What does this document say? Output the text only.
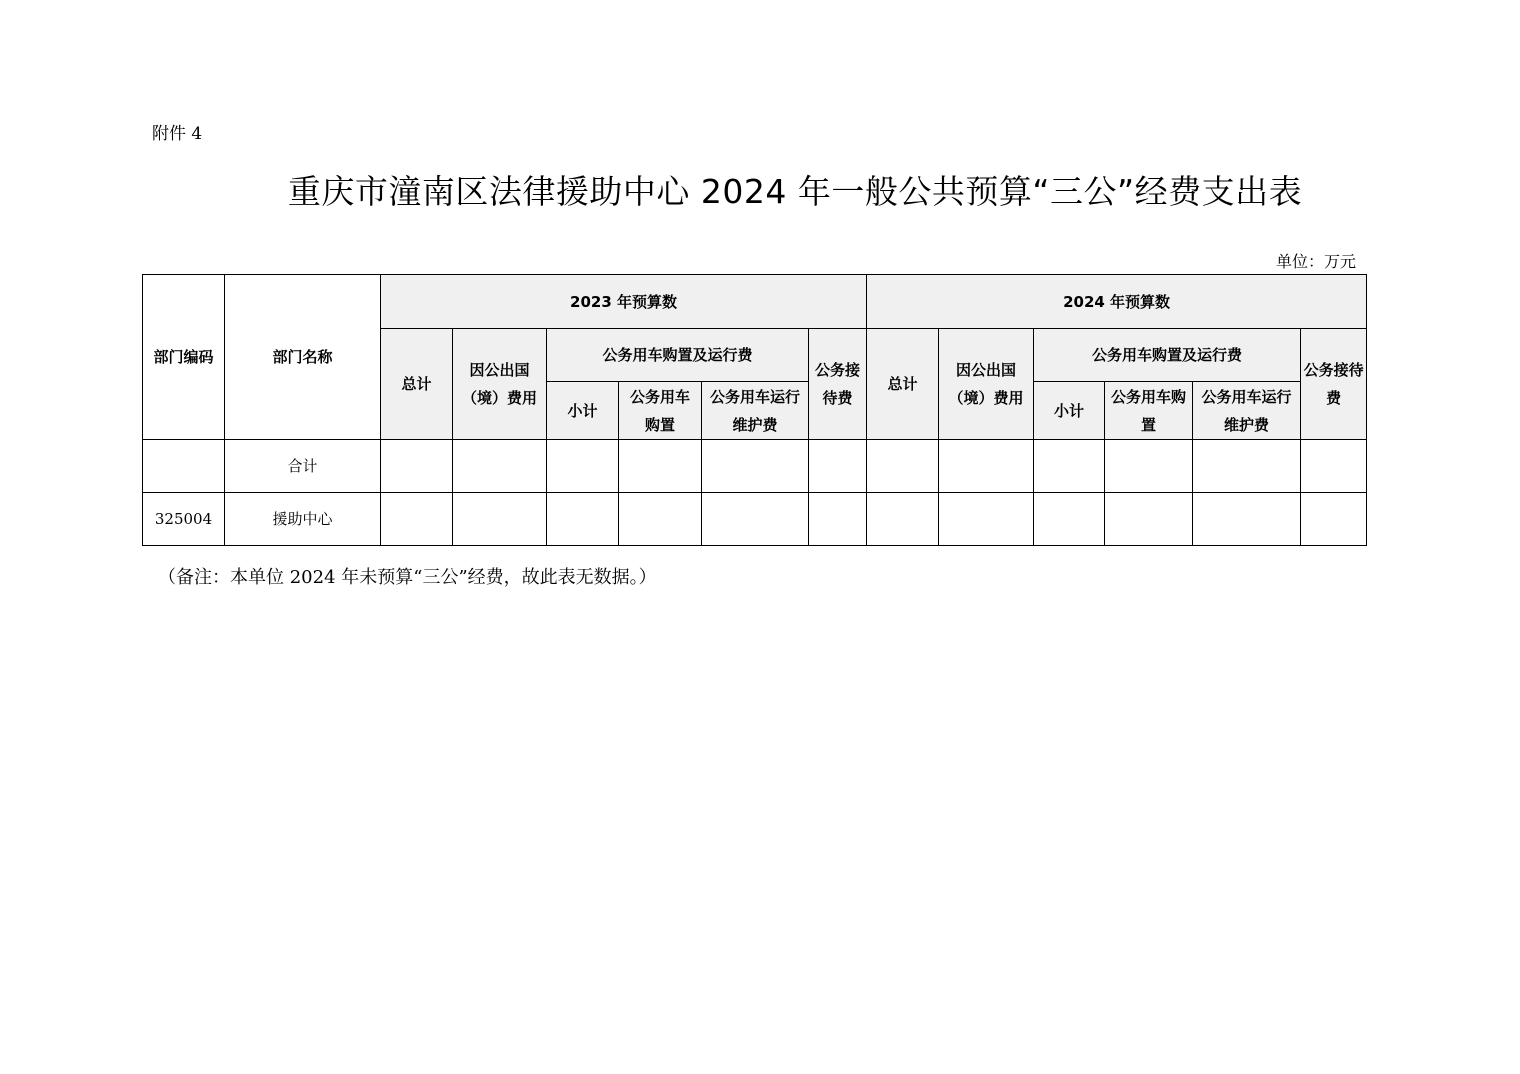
附件 4
重庆市潼南区法律援助中心 2024 年一般公共预算“三公”经费支出表
单位：万元
部门编码	部门名称	2023 年预算数						2024 年预算数					
		总计	因公出国（境）费用	公务用车购置及运行费			公务接待费	总计	因公出国（境）费用	公务用车购置及运行费			公务接待费
				小计	公务用车 购置	公务用车运行维护费				小计	公务用车购置	公务用车运行维护费	
	合计												
325004	援助中心												
（备注：本单位 2024 年未预算“三公”经费，故此表无数据。）
